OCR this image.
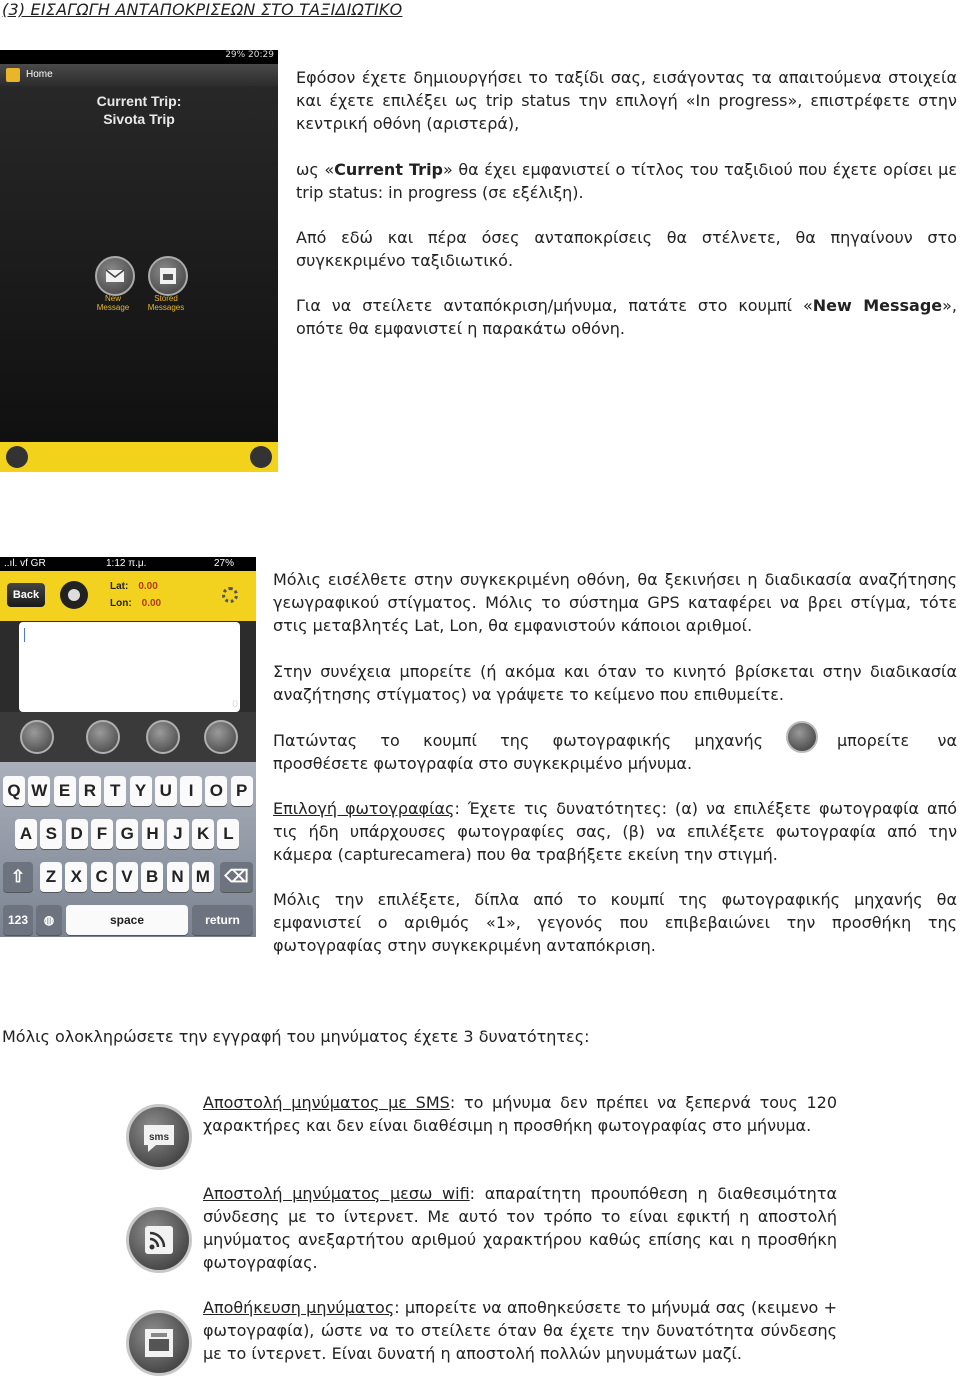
(3) ΕΙΣΑΓΩΓΗ ΑΝΤΑΠΟΚΡΙΣΕΩΝ ΣΤΟ ΤΑΞΙΔΙΩΤΙΚΟ
29% 20:29
Home
Current Trip:
Sivota Trip
New
Message
Stored
Messages
Εφόσον έχετε δημιουργήσει το ταξίδι σας, εισάγοντας τα απαιτούμενα στοιχεία και έχετε επιλέξει ως trip status την επιλογή «In progress», επιστρέφετε στην κεντρική οθόνη (αριστερά),
ως «Current Trip» θα έχει εμφανιστεί ο τίτλος του ταξιδιού που έχετε ορίσει με trip status: in progress (σε εξέλιξη).
Από εδώ και πέρα όσες ανταποκρίσεις θα στέλνετε, θα πηγαίνουν στο συγκεκριμένο ταξιδιωτικό.
Για να στείλετε ανταπόκριση/μήνυμα, πατάτε στο κουμπί «New Message», οπότε θα εμφανιστεί η παρακάτω οθόνη.
..ıl. vf GR	1:12 π.μ.	27%
Back
Lat: 0.00
Lon: 0.00
0
Q W E R T Y U I O P
A S D F G H J K L
⇧	Z X C V B N M ⌫
123	◍	space	return
Μόλις εισέλθετε στην συγκεκριμένη οθόνη, θα ξεκινήσει η διαδικασία αναζήτησης γεωγραφικού στίγματος. Μόλις το σύστημα GPS καταφέρει να βρει στίγμα, τότε στις μεταβλητές Lat, Lon, θα εμφανιστούν κάποιοι αριθμοί.
Στην συνέχεια μπορείτε (ή ακόμα και όταν το κινητό βρίσκεται στην διαδικασία αναζήτησης στίγματος) να γράψετε το κείμενο που επιθυμείτε.
Πατώντας το κουμπί της φωτογραφικής μηχανής	μπορείτε να
προσθέσετε φωτογραφία στο συγκεκριμένο μήνυμα.
Επιλογή φωτογραφίας: Έχετε τις δυνατότητες: (α) να επιλέξετε φωτογραφία από τις ήδη υπάρχουσες φωτογραφίες σας, (β) να επιλέξετε φωτογραφία από την κάμερα (capturecamera) που θα τραβήξετε εκείνη την στιγμή.
Μόλις την επιλέξετε, δίπλα από το κουμπί της φωτογραφικής μηχανής θα εμφανιστεί ο αριθμός «1», γεγονός που επιβεβαιώνει την προσθήκη της φωτογραφίας στην συγκεκριμένη ανταπόκριση.
Μόλις ολοκληρώσετε την εγγραφή του μηνύματος έχετε 3 δυνατότητες:
sms
Αποστολή μηνύματος με SMS: το μήνυμα δεν πρέπει να ξεπερνά τους 120 χαρακτήρες και δεν είναι διαθέσιμη η προσθήκη φωτογραφίας στο μήνυμα.
Αποστολή μηνύματος μεσω wifi: απαραίτητη προυπόθεση η διαθεσιμότητα σύνδεσης με το ίντερνετ. Με αυτό τον τρόπο το είναι εφικτή η αποστολή μηνύματος ανεξαρτήτου αριθμού χαρακτήρου καθώς επίσης και η προσθήκη φωτογραφίας.
Αποθήκευση μηνύματος: μπορείτε να αποθηκεύσετε το μήνυμά σας (κειμενο + φωτογραφία), ώστε να το στείλετε όταν θα έχετε την δυνατότητα σύνδεσης με το ίντερνετ. Είναι δυνατή η αποστολή πολλών μηνυμάτων μαζί.
